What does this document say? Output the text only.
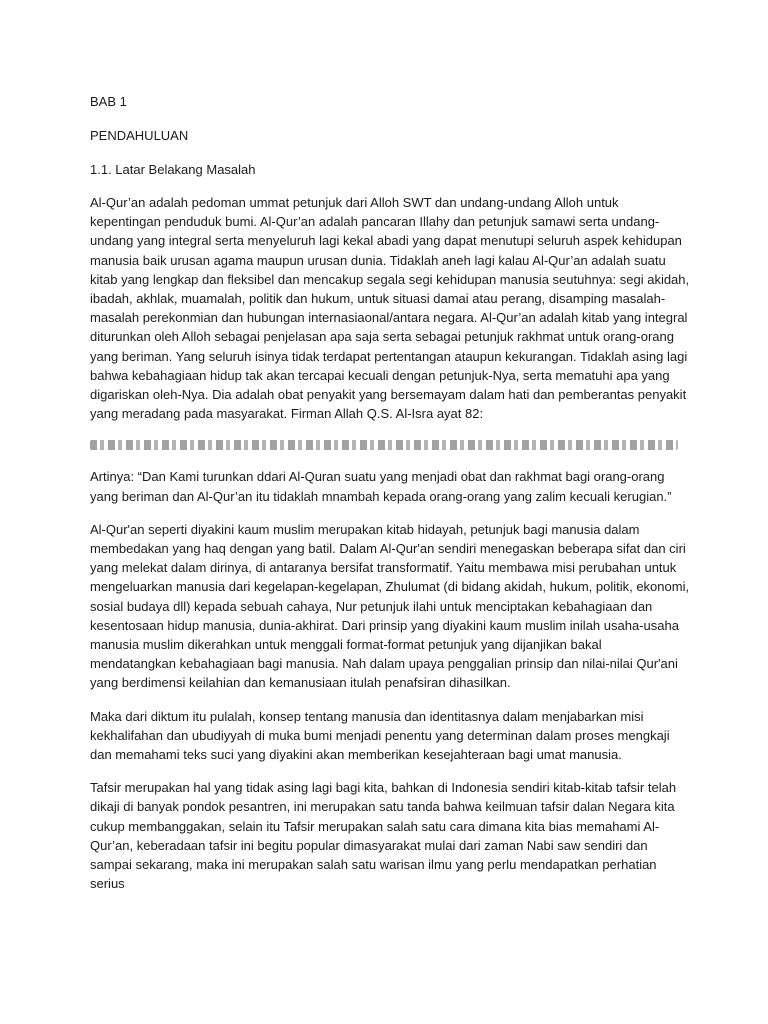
BAB 1
PENDAHULUAN
1.1. Latar Belakang Masalah

Al-Qur’an adalah pedoman ummat petunjuk dari Alloh SWT dan undang-undang Alloh untuk kepentingan penduduk bumi. Al-Qur’an adalah pancaran Illahy dan petunjuk samawi serta undang-undang yang integral serta menyeluruh lagi kekal abadi yang dapat menutupi seluruh aspek kehidupan manusia baik urusan agama maupun urusan dunia. Tidaklah aneh lagi kalau Al-Qur’an adalah suatu kitab yang lengkap dan fleksibel dan mencakup segala segi kehidupan manusia seutuhnya: segi akidah, ibadah, akhlak, muamalah, politik dan hukum, untuk situasi damai atau perang, disamping masalah-masalah perekonmian dan hubungan internasiaonal/antara negara. Al-Qur’an adalah kitab yang integral diturunkan oleh Alloh sebagai penjelasan apa saja serta sebagai petunjuk rakhmat untuk orang-orang yang beriman. Yang seluruh isinya tidak terdapat pertentangan ataupun kekurangan. Tidaklah asing lagi bahwa kebahagiaan hidup tak akan tercapai kecuali dengan petunjuk-Nya, serta mematuhi apa yang digariskan oleh-Nya. Dia adalah obat penyakit yang bersemayam dalam hati dan pemberantas penyakit yang meradang pada masyarakat. Firman Allah Q.S. Al-Isra ayat 82:

Artinya: “Dan Kami turunkan ddari Al-Quran suatu yang menjadi obat dan rakhmat bagi orang-orang yang beriman dan Al-Qur’an itu tidaklah mnambah kepada orang-orang yang zalim kecuali kerugian.”

Al-Qur'an seperti diyakini kaum muslim merupakan kitab hidayah, petunjuk bagi manusia dalam membedakan yang haq dengan yang batil. Dalam Al-Qur'an sendiri menegaskan beberapa sifat dan ciri yang melekat dalam dirinya, di antaranya bersifat transformatif. Yaitu membawa misi perubahan untuk mengeluarkan manusia dari kegelapan-kegelapan, Zhulumat (di bidang akidah, hukum, politik, ekonomi, sosial budaya dll) kepada sebuah cahaya, Nur petunjuk ilahi untuk menciptakan kebahagiaan dan kesentosaan hidup manusia, dunia-akhirat. Dari prinsip yang diyakini kaum muslim inilah usaha-usaha manusia muslim dikerahkan untuk menggali format-format petunjuk yang dijanjikan bakal mendatangkan kebahagiaan bagi manusia. Nah dalam upaya penggalian prinsip dan nilai-nilai Qur'ani yang berdimensi keilahian dan kemanusiaan itulah penafsiran dihasilkan.

Maka dari diktum itu pulalah, konsep tentang manusia dan identitasnya dalam menjabarkan misi kekhalifahan dan ubudiyyah di muka bumi menjadi penentu yang determinan dalam proses mengkaji dan memahami teks suci yang diyakini akan memberikan kesejahteraan bagi umat manusia.

Tafsir merupakan hal yang tidak asing lagi bagi kita, bahkan di Indonesia sendiri kitab-kitab tafsir telah dikaji di banyak pondok pesantren, ini merupakan satu tanda bahwa keilmuan tafsir dalan Negara kita cukup membanggakan, selain itu Tafsir merupakan salah satu cara dimana kita bias memahami Al-Qur’an, keberadaan tafsir ini begitu popular dimasyarakat mulai dari zaman Nabi saw sendiri dan sampai sekarang, maka ini merupakan salah satu warisan ilmu yang perlu mendapatkan perhatian serius
